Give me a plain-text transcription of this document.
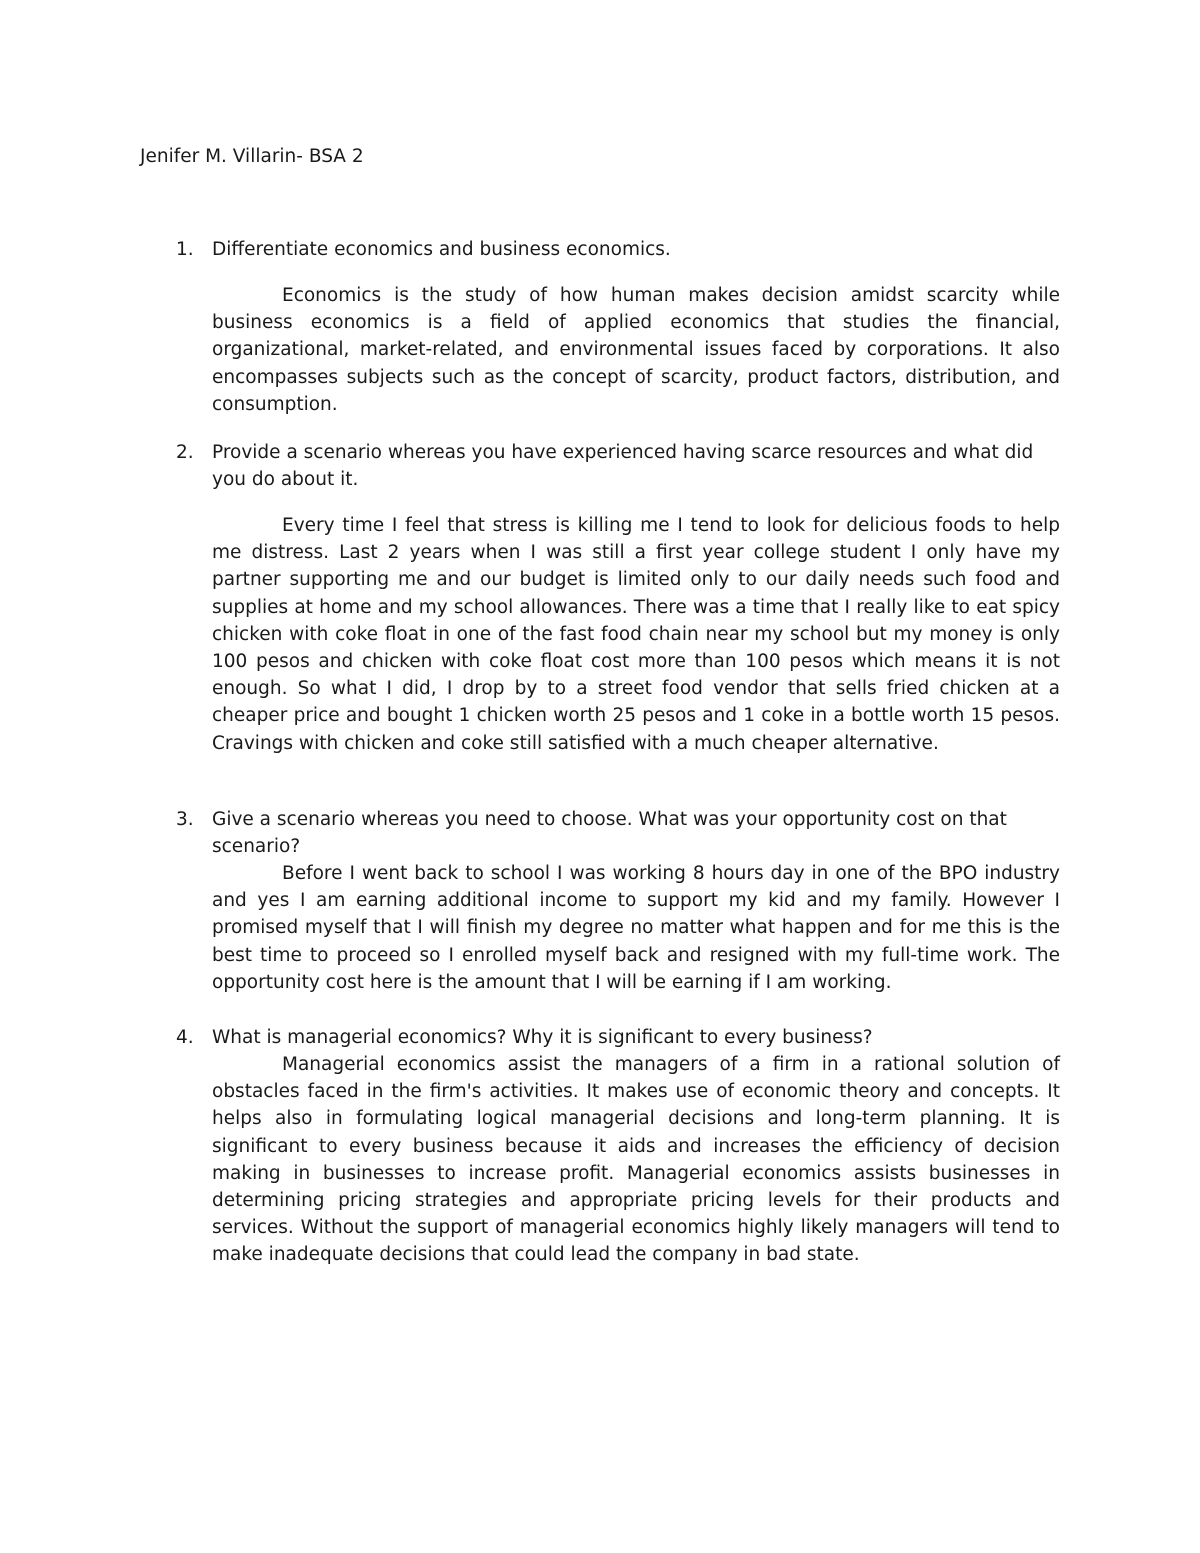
Jenifer M. Villarin- BSA 2
1. Differentiate economics and business economics.
Economics is the study of how human makes decision amidst scarcity while business economics is a field of applied economics that studies the financial, organizational, market-related, and environmental issues faced by corporations. It also encompasses subjects such as the concept of scarcity, product factors, distribution, and consumption.
2. Provide a scenario whereas you have experienced having scarce resources and what did you do about it.
Every time I feel that stress is killing me I tend to look for delicious foods to help me distress. Last 2 years when I was still a first year college student I only have my partner supporting me and our budget is limited only to our daily needs such food and supplies at home and my school allowances. There was a time that I really like to eat spicy chicken with coke float in one of the fast food chain near my school but my money is only 100 pesos and chicken with coke float cost more than 100 pesos which means it is not enough. So what I did, I drop by to a street food vendor that sells fried chicken at a cheaper price and bought 1 chicken worth 25 pesos and 1 coke in a bottle worth 15 pesos. Cravings with chicken and coke still satisfied with a much cheaper alternative.
3. Give a scenario whereas you need to choose. What was your opportunity cost on that scenario?
Before I went back to school I was working 8 hours day in one of the BPO industry and yes I am earning additional income to support my kid and my family. However I promised myself that I will finish my degree no matter what happen and for me this is the best time to proceed so I enrolled myself back and resigned with my full-time work. The opportunity cost here is the amount that I will be earning if I am working.
4. What is managerial economics? Why it is significant to every business?
Managerial economics assist the managers of a firm in a rational solution of obstacles faced in the firm's activities. It makes use of economic theory and concepts. It helps also in formulating logical managerial decisions and long-term planning. It is significant to every business because it aids and increases the efficiency of decision making in businesses to increase profit. Managerial economics assists businesses in determining pricing strategies and appropriate pricing levels for their products and services. Without the support of managerial economics highly likely managers will tend to make inadequate decisions that could lead the company in bad state.
